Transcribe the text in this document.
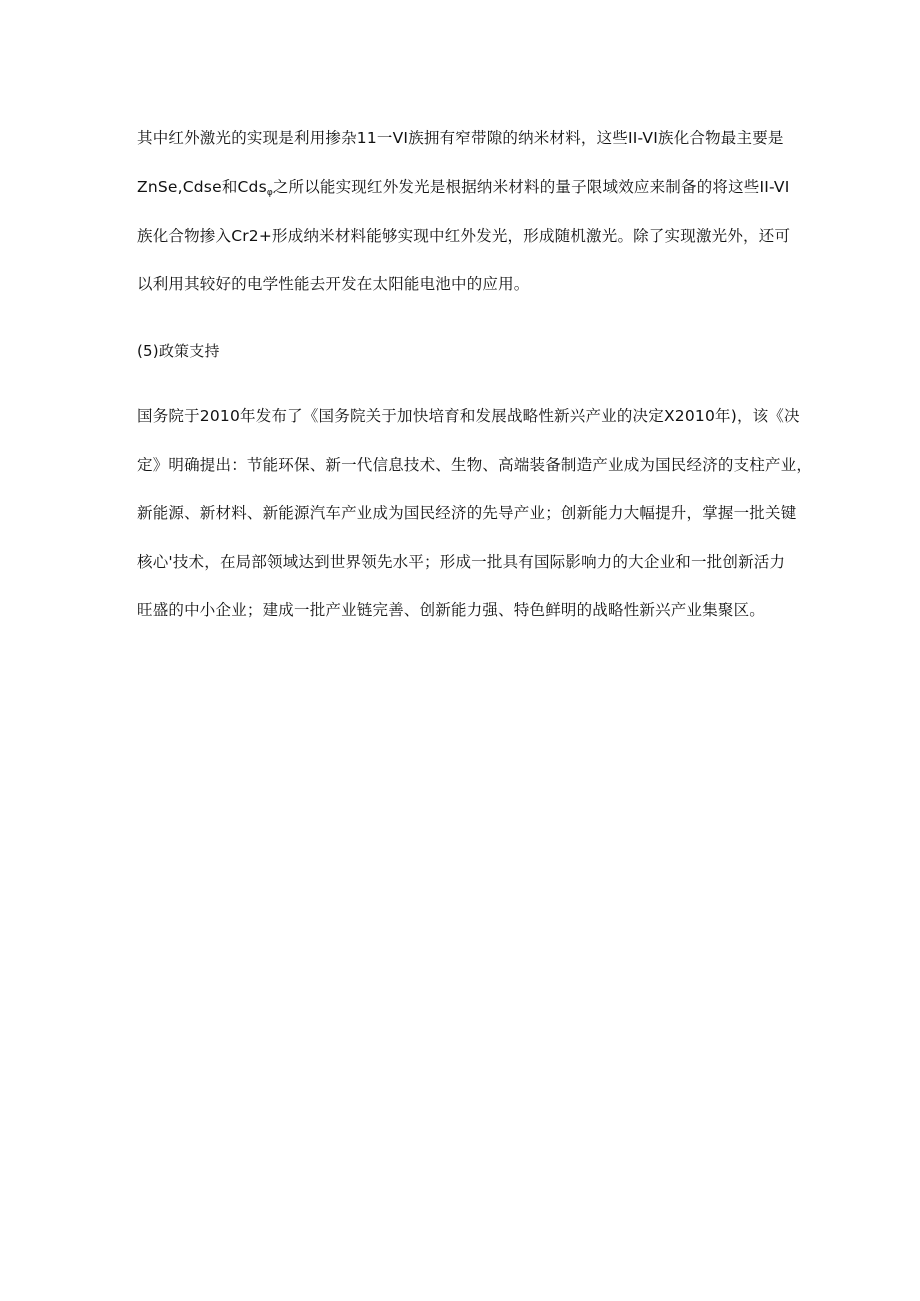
其中红外激光的实现是利用掺杂11一VI族拥有窄带隙的纳米材料，这些II-VI族化合物最主要是
ZnSe,Cdse和Cds$_\varphi$之所以能实现红外发光是根据纳米材料的量子限域效应来制备的将这些II-VI
族化合物掺入Cr2+形成纳米材料能够实现中红外发光，形成随机激光。除了实现激光外，还可
以利用其较好的电学性能去开发在太阳能电池中的应用。
(5)政策支持
国务院于2010年发布了《国务院关于加快培育和发展战略性新兴产业的决定X2010年)，该《决
定》明确提出：节能环保、新一代信息技术、生物、高端装备制造产业成为国民经济的支柱产业，
新能源、新材料、新能源汽车产业成为国民经济的先导产业；创新能力大幅提升，掌握一批关键
核心'技术，在局部领域达到世界领先水平；形成一批具有国际影响力的大企业和一批创新活力
旺盛的中小企业；建成一批产业链完善、创新能力强、特色鲜明的战略性新兴产业集聚区。
